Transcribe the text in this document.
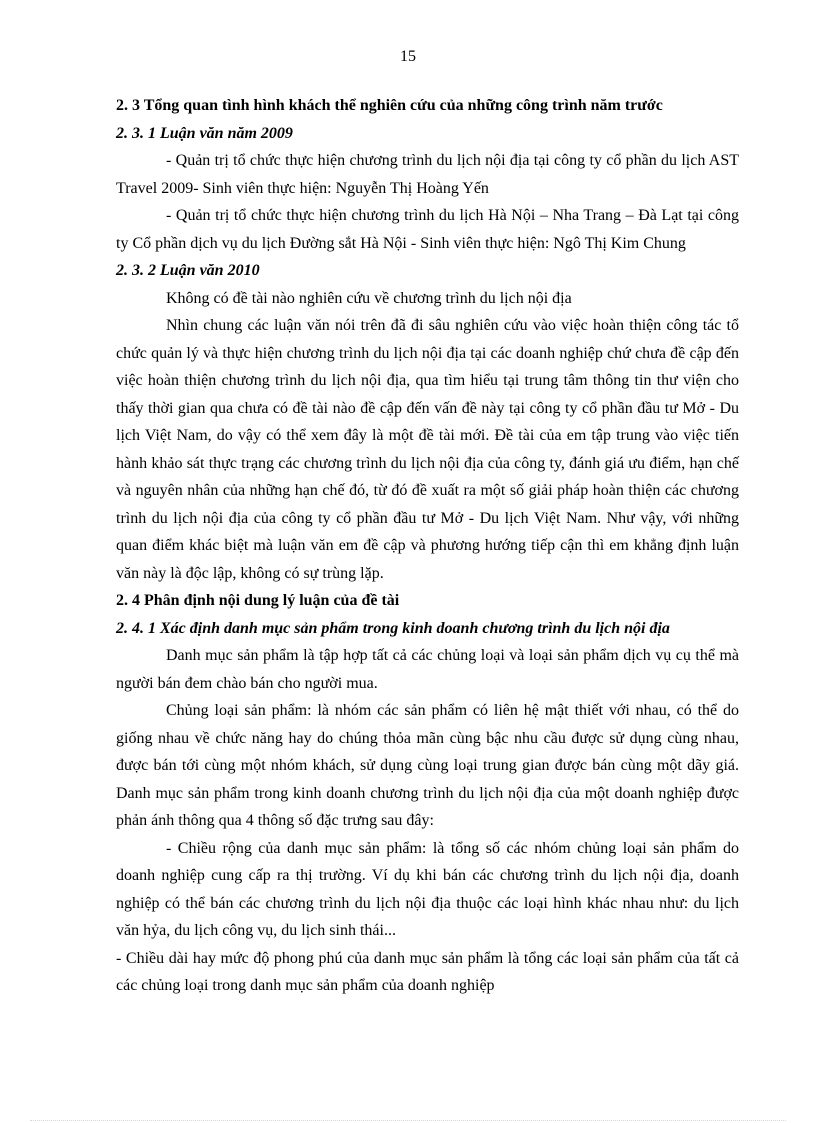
15

2. 3 Tổng quan tình hình khách thể nghiên cứu của những công trình năm trước

2. 3. 1 Luận văn năm 2009

- Quản trị tổ chức thực hiện chương trình du lịch nội địa tại công ty cổ phần du lịch AST Travel 2009- Sinh viên thực hiện: Nguyễn Thị Hoàng Yến

- Quản trị tổ chức thực hiện chương trình du lịch Hà Nội – Nha Trang – Đà Lạt tại công ty Cổ phần dịch vụ du lịch Đường sắt Hà Nội - Sinh viên thực hiện: Ngô Thị Kim Chung

2. 3. 2 Luận văn 2010

Không có đề tài nào nghiên cứu về chương trình du lịch nội địa

Nhìn chung các luận văn nói trên đã đi sâu nghiên cứu vào việc hoàn thiện công tác tổ chức quản lý và thực hiện chương trình du lịch nội địa tại các doanh nghiệp chứ chưa đề cập đến việc hoàn thiện chương trình du lịch nội địa, qua tìm hiểu tại trung tâm thông tin thư viện cho thấy thời gian qua chưa có đề tài nào đề cập đến vấn đề này tại công ty cổ phần đầu tư Mở - Du lịch Việt Nam, do vậy có thể xem đây là một đề tài mới. Đề tài của em tập trung vào việc tiến hành khảo sát thực trạng các chương trình du lịch nội địa của công ty, đánh giá ưu điểm, hạn chế và nguyên nhân của những hạn chế đó, từ đó đề xuất ra một số giải pháp hoàn thiện các chương trình du lịch nội địa của công ty cổ phần đầu tư Mở - Du lịch Việt Nam. Như vậy, với những quan điểm khác biệt mà luận văn em đề cập và phương hướng tiếp cận thì em khẳng định luận văn này là độc lập, không có sự trùng lặp.

2. 4 Phân định nội dung lý luận của đề tài

2. 4. 1 Xác định danh mục sản phẩm trong kinh doanh chương trình du lịch nội địa

Danh mục sản phẩm là tập hợp tất cả các chủng loại và loại sản phẩm dịch vụ cụ thể mà người bán đem chào bán cho người mua.

Chủng loại sản phẩm: là nhóm các sản phẩm có liên hệ mật thiết với nhau, có thể do giống nhau về chức năng hay do chúng thỏa mãn cùng bậc nhu cầu được sử dụng cùng nhau, được bán tới cùng một nhóm khách, sử dụng cùng loại trung gian được bán cùng một dãy giá. Danh mục sản phẩm trong kinh doanh chương trình du lịch nội địa của một doanh nghiệp được phản ánh thông qua 4 thông số đặc trưng sau đây:

- Chiều rộng của danh mục sản phẩm: là tổng số các nhóm chủng loại sản phẩm do doanh nghiệp cung cấp ra thị trường. Ví dụ khi bán các chương trình du lịch nội địa, doanh nghiệp có thể bán các chương trình du lịch nội địa thuộc các loại hình khác nhau như: du lịch văn hỷa, du lịch công vụ, du lịch sinh thái...

- Chiều dài hay mức độ phong phú của danh mục sản phẩm là tổng các loại sản phẩm của tất cả các chủng loại trong danh mục sản phẩm của doanh nghiệp
